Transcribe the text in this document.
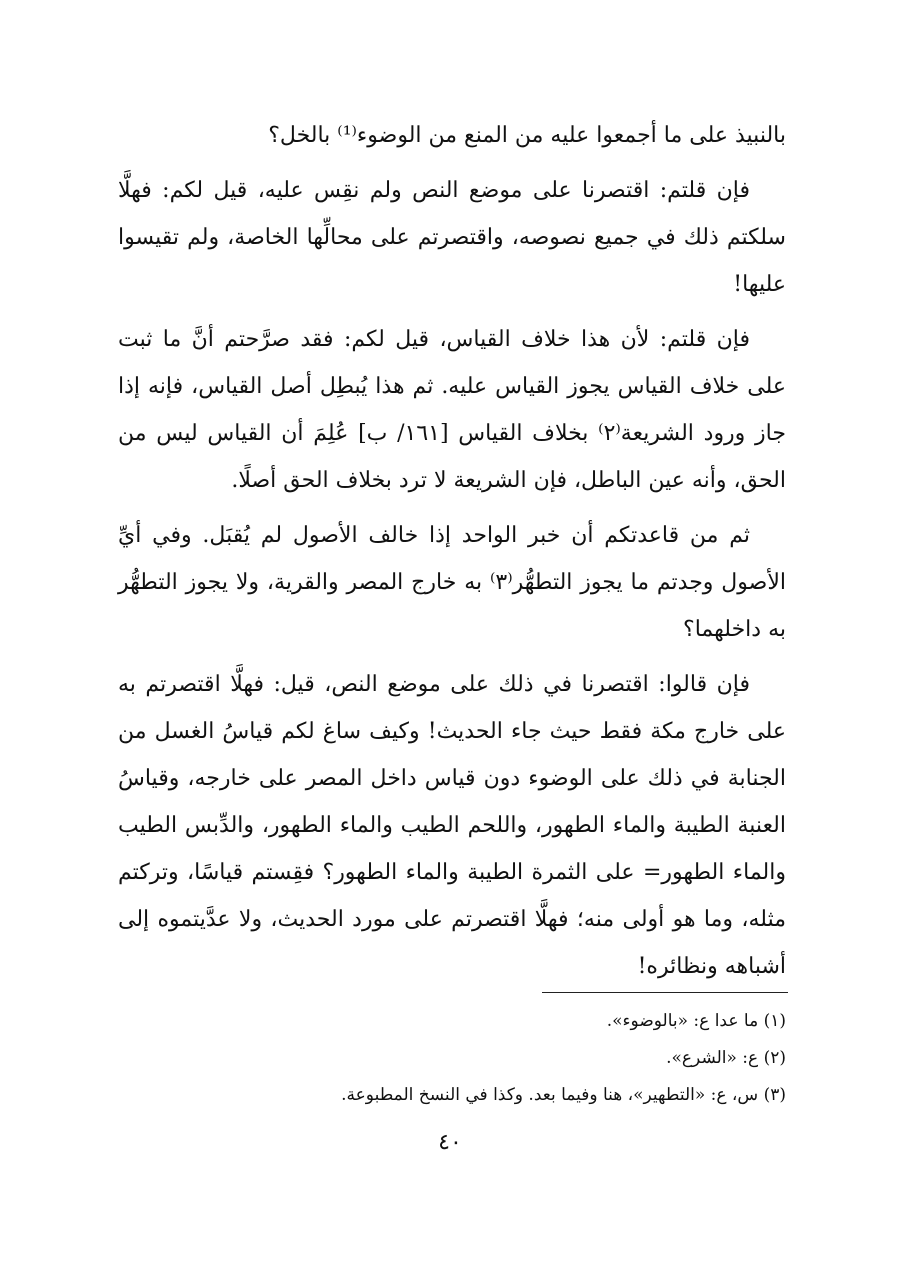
بالنبيذ على ما أجمعوا عليه من المنع من الوضوء⁽¹⁾ بالخل؟

فإن قلتم: اقتصرنا على موضع النص ولم نقِس عليه، قيل لكم: فهلَّا سلكتم ذلك في جميع نصوصه، واقتصرتم على محالِّها الخاصة، ولم تقيسوا عليها!

فإن قلتم: لأن هذا خلاف القياس، قيل لكم: فقد صرَّحتم أنَّ ما ثبت على خلاف القياس يجوز القياس عليه. ثم هذا يُبطِل أصل القياس، فإنه إذا جاز ورود الشريعة⁽٢⁾ بخلاف القياس [١٦١/ ب] عُلِمَ أن القياس ليس من الحق، وأنه عين الباطل، فإن الشريعة لا ترد بخلاف الحق أصلًا.

ثم من قاعدتكم أن خبر الواحد إذا خالف الأصول لم يُقبَل. وفي أيِّ الأصول وجدتم ما يجوز التطهُّر⁽٣⁾ به خارج المصر والقرية، ولا يجوز التطهُّر به داخلهما؟

فإن قالوا: اقتصرنا في ذلك على موضع النص، قيل: فهلَّا اقتصرتم به على خارج مكة فقط حيث جاء الحديث! وكيف ساغ لكم قياسُ الغسل من الجنابة في ذلك على الوضوء دون قياس داخل المصر على خارجه، وقياسُ العنبة الطيبة والماء الطهور، واللحم الطيب والماء الطهور، والدِّبس الطيب والماء الطهور= على الثمرة الطيبة والماء الطهور؟ فقِستم قياسًا، وتركتم مثله، وما هو أولى منه؛ فهلَّا اقتصرتم على مورد الحديث، ولا عدَّيتموه إلى أشباهه ونظائره!

(١) ما عدا ع: «بالوضوء».

(٢) ع: «الشرع».

(٣) س، ع: «التطهير»، هنا وفيما بعد. وكذا في النسخ المطبوعة.

٤٠
